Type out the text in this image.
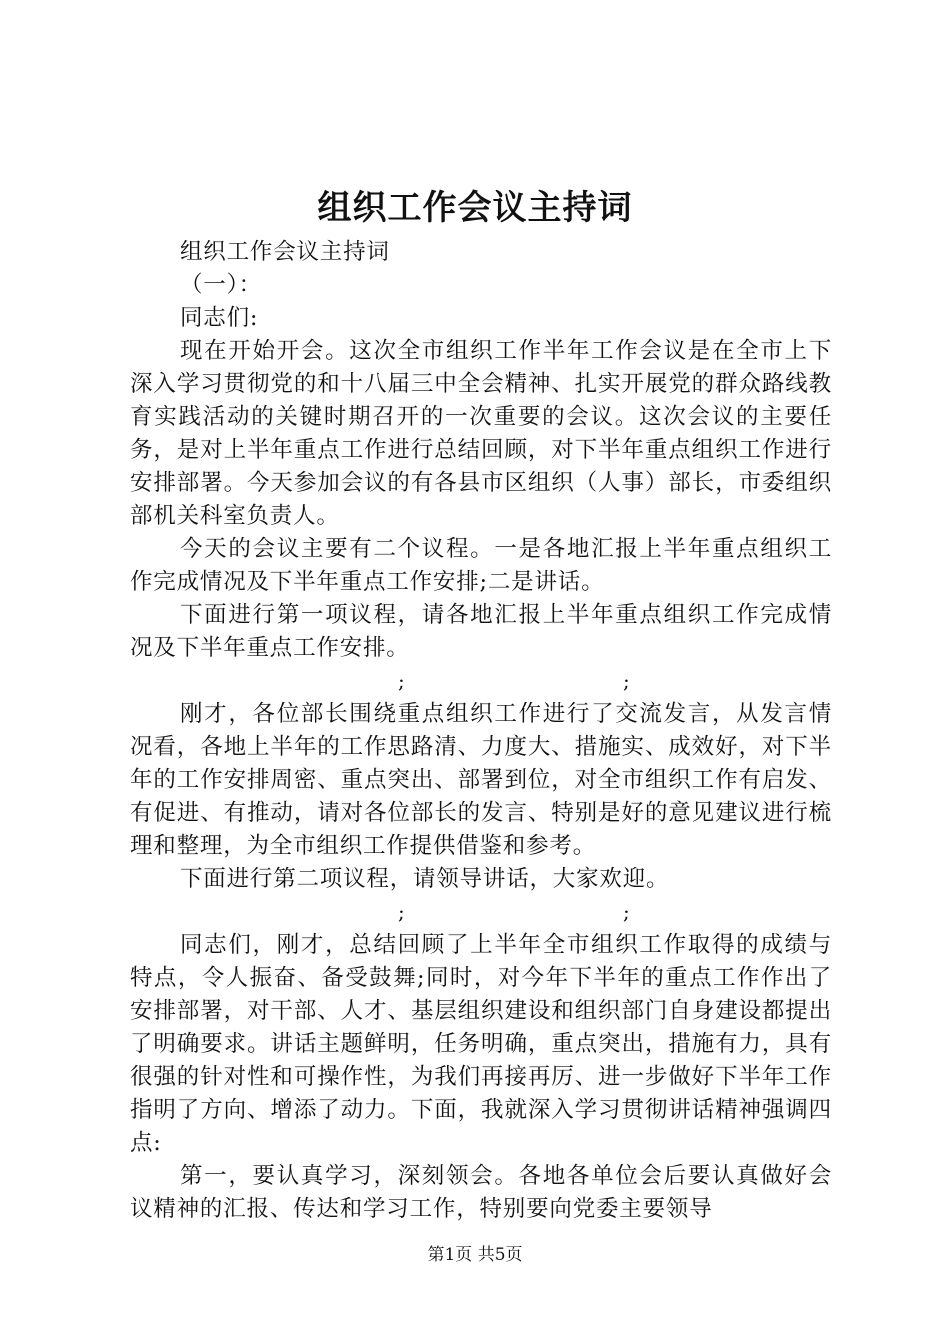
组织工作会议主持词

组织工作会议主持词

（一）：

同志们:

现在开始开会。这次全市组织工作半年工作会议是在全市上下深入学习贯彻党的和十八届三中全会精神、扎实开展党的群众路线教育实践活动的关键时期召开的一次重要的会议。这次会议的主要任务，是对上半年重点工作进行总结回顾，对下半年重点组织工作进行安排部署。今天参加会议的有各县市区组织（人事）部长，市委组织部机关科室负责人。

今天的会议主要有二个议程。一是各地汇报上半年重点组织工作完成情况及下半年重点工作安排;二是讲话。

下面进行第一项议程，请各地汇报上半年重点组织工作完成情况及下半年重点工作安排。

;	;

刚才，各位部长围绕重点组织工作进行了交流发言，从发言情况看，各地上半年的工作思路清、力度大、措施实、成效好，对下半年的工作安排周密、重点突出、部署到位，对全市组织工作有启发、有促进、有推动，请对各位部长的发言、特别是好的意见建议进行梳理和整理，为全市组织工作提供借鉴和参考。

下面进行第二项议程，请领导讲话，大家欢迎。

;	;

同志们，刚才，总结回顾了上半年全市组织工作取得的成绩与特点，令人振奋、备受鼓舞;同时，对今年下半年的重点工作作出了安排部署，对干部、人才、基层组织建设和组织部门自身建设都提出了明确要求。讲话主题鲜明，任务明确，重点突出，措施有力，具有很强的针对性和可操作性，为我们再接再厉、进一步做好下半年工作指明了方向、增添了动力。下面，我就深入学习贯彻讲话精神强调四点:

第一，要认真学习，深刻领会。各地各单位会后要认真做好会议精神的汇报、传达和学习工作，特别要向党委主要领导

第1页 共5页
